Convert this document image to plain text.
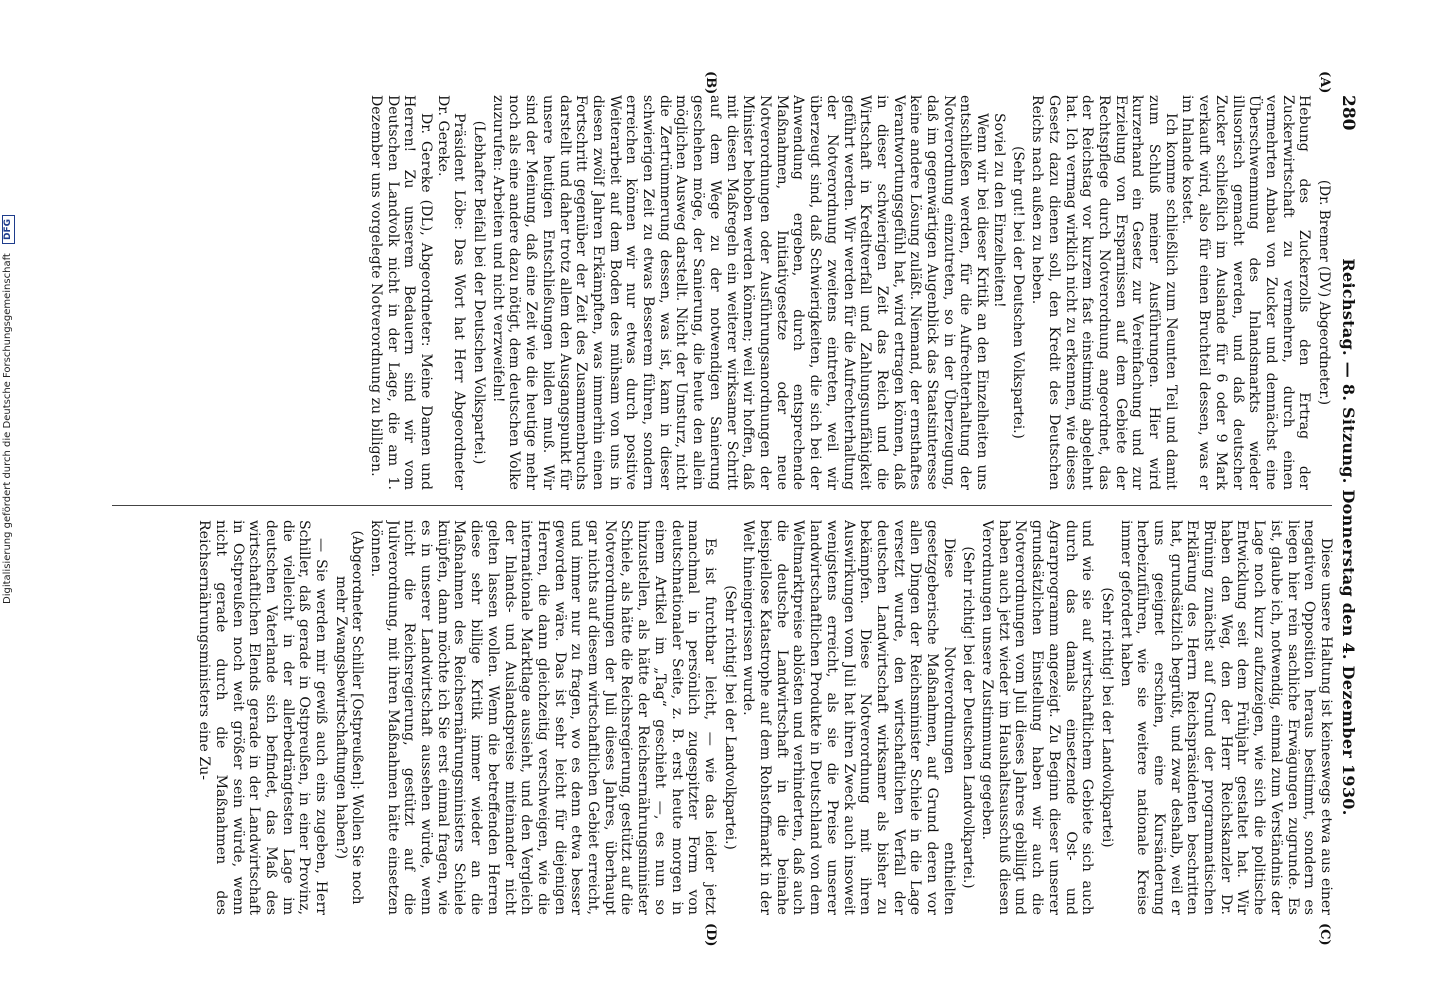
280
Reichstag. — 8. Sitzung. Donnerstag den 4. Dezember 1930.
(A)
(B)
(C)
(D)

(Dr. Bremer (DV) Abgeordneter.)

Hebung des Zuckerzolls den Ertrag der Zuckerwirtschaft zu vermehren, durch einen vermehrten Anbau von Zucker und demnächst eine Überschwemmung des Inlandsmarkts wieder illusorisch gemacht werden, und daß deutscher Zucker schließlich im Auslande für 6 oder 9 Mark verkauft wird, also für einen Bruchteil dessen, was er im Inlande kostet.

Ich komme schließlich zum Neunten Teil und damit zum Schluß meiner Ausführungen. Hier wird kurzerhand ein Gesetz zur Vereinfachung und zur Erzielung von Ersparnissen auf dem Gebiete der Rechtspflege durch Notverordnung angeordnet, das der Reichstag vor kurzem fast einstimmig abgelehnt hat. Ich vermag wirklich nicht zu erkennen, wie dieses Gesetz dazu dienen soll, den Kredit des Deutschen Reichs nach außen zu heben.

(Sehr gut! bei der Deutschen Volkspartei.)

Soviel zu den Einzelheiten!

Wenn wir bei dieser Kritik an den Einzelheiten uns entschließen werden, für die Aufrechterhaltung der Notverordnung einzutreten, so in der Überzeugung, daß im gegenwärtigen Augenblick das Staatsinteresse keine andere Lösung zuläßt. Niemand, der ernsthaftes Verantwortungsgefühl hat, wird ertragen können, daß in dieser schwierigen Zeit das Reich und die Wirtschaft in Kreditverfall und Zahlungsunfähigkeit geführt werden. Wir werden für die Aufrechterhaltung der Notverordnung zweitens eintreten, weil wir überzeugt sind, daß Schwierigkeiten, die sich bei der Anwendung ergeben, durch entsprechende Maßnahmen, Initiativgesetze oder neue Notverordnungen oder Ausführungsanordnungen der Minister behoben werden können; weil wir hoffen, daß mit diesen Maßregeln ein weiterer wirksamer Schritt auf dem Wege zu der notwendigen Sanierung geschehen möge, der Sanierung, die heute den allein möglichen Ausweg darstellt. Nicht der Umsturz, nicht die Zertrümmerung dessen, was ist, kann in dieser schwierigen Zeit zu etwas Besserem führen, sondern erreichen können wir nur etwas durch positive Weiterarbeit auf dem Boden des mühsam von uns in diesen zwölf Jahren Erkämpften, was immerhin einen Fortschritt gegenüber der Zeit des Zusammenbruchs darstellt und daher trotz allem den Ausgangspunkt für unsere heutigen Entschließungen bilden muß. Wir sind der Meinung, daß eine Zeit wie die heutige mehr noch als eine andere dazu nötigt, dem deutschen Volke zuzurufen: Arbeiten und nicht verzweifeln!

(Lebhafter Beifall bei der Deutschen Volkspartei.)

Präsident Löbe: Das Wort hat Herr Abgeordneter Dr. Gereke.

Dr. Gereke (DL), Abgeordneter: Meine Damen und Herren! Zu unserem Bedauern sind wir vom Deutschen Landvolk nicht in der Lage, die am 1. Dezember uns vorgelegte Notverordnung zu billigen.

Diese unsere Haltung ist keineswegs etwa aus einer negativen Opposition heraus bestimmt, sondern es liegen hier rein sachliche Erwägungen zugrunde. Es ist, glaube ich, notwendig, einmal zum Verständnis der Lage noch kurz aufzuzeigen, wie sich die politische Entwicklung seit dem Frühjahr gestaltet hat. Wir haben den Weg, den der Herr Reichskanzler Dr. Brüning zunächst auf Grund der programmatischen Erklärung des Herrn Reichspräsidenten beschritten hat, grundsätzlich begrüßt, und zwar deshalb, weil er uns geeignet erschien, eine Kursänderung herbeizuführen, wie sie weitere nationale Kreise immer gefordert haben

(Sehr richtig! bei der Landvolkpartei)

und wie sie auf wirtschaftlichem Gebiete sich auch durch das damals einsetzende Ost- und Agrarprogramm angezeigt. Zu Beginn dieser unserer grundsätzlichen Einstellung haben wir auch die Notverordnungen vom Juli dieses Jahres gebilligt und haben auch jetzt wieder im Haushaltsausschuß diesen Verordnungen unsere Zustimmung gegeben.

(Sehr richtig! bei der Deutschen Landvolkpartei.)

Diese Notverordnungen enthielten gesetzgeberische Maßnahmen, auf Grund deren vor allen Dingen der Reichsminister Schiele in die Lage versetzt wurde, den wirtschaftlichen Verfall der deutschen Landwirtschaft wirksamer als bisher zu bekämpfen. Diese Notverordnung mit ihren Auswirkungen vom Juli hat ihren Zweck auch insoweit wenigstens erreicht, als sie die Preise unserer landwirtschaftlichen Produkte in Deutschland von dem Weltmarktpreise ablösten und verhinderten, daß auch die deutsche Landwirtschaft in die beinahe beispiellose Katastrophe auf dem Rohstoffmarkt in der Welt hineingerissen wurde.

(Sehr richtig! bei der Landvolkpartei.)

Es ist furchtbar leicht, — wie das leider jetzt manchmal in persönlich zugespitzter Form von deutschnationaler Seite, z. B. erst heute morgen in einem Artikel im „Tag“ geschieht —, es nun so hinzustellen, als hätte der Reichsernährungsminister Schiele, als hätte die Reichsregierung, gestützt auf die Notverordnungen der Juli dieses Jahres, überhaupt gar nichts auf diesem wirtschaftlichen Gebiet erreicht, und immer nur zu fragen, wo es denn etwa besser geworden wäre. Das ist sehr leicht für diejenigen Herren, die dann gleichzeitig verschweigen, wie die internationale Marktlage aussieht, und den Vergleich der Inlands- und Auslandspreise miteinander nicht gelten lassen wollen. Wenn die betreffenden Herren diese sehr billige Kritik immer wieder an die Maßnahmen des Reichsernährungsministers Schiele knüpfen, dann möchte ich Sie erst einmal fragen, wie es in unserer Landwirtschaft aussehen würde, wenn nicht die Reichsregierung, gestützt auf die Juliverordnung, mit ihren Maßnahmen hätte einsetzen können.

(Abgeordneter Schiller [Ostpreußen]: Wollen Sie noch mehr Zwangsbewirtschaftungen haben?)

— Sie werden mir gewiß auch eins zugeben, Herr Schiller, daß gerade in Ostpreußen, in einer Provinz, die vielleicht in der allerbedrängtesten Lage im deutschen Vaterlande sich befindet, das Maß des wirtschaftlichen Elends gerade in der Landwirtschaft in Ostpreußen noch weit größer sein würde, wenn nicht gerade durch die Maßnahmen des Reichsernährungsministers eine Zu-

Digitalisierung gefördert durch die Deutsche Forschungsgemeinschaft DFG
